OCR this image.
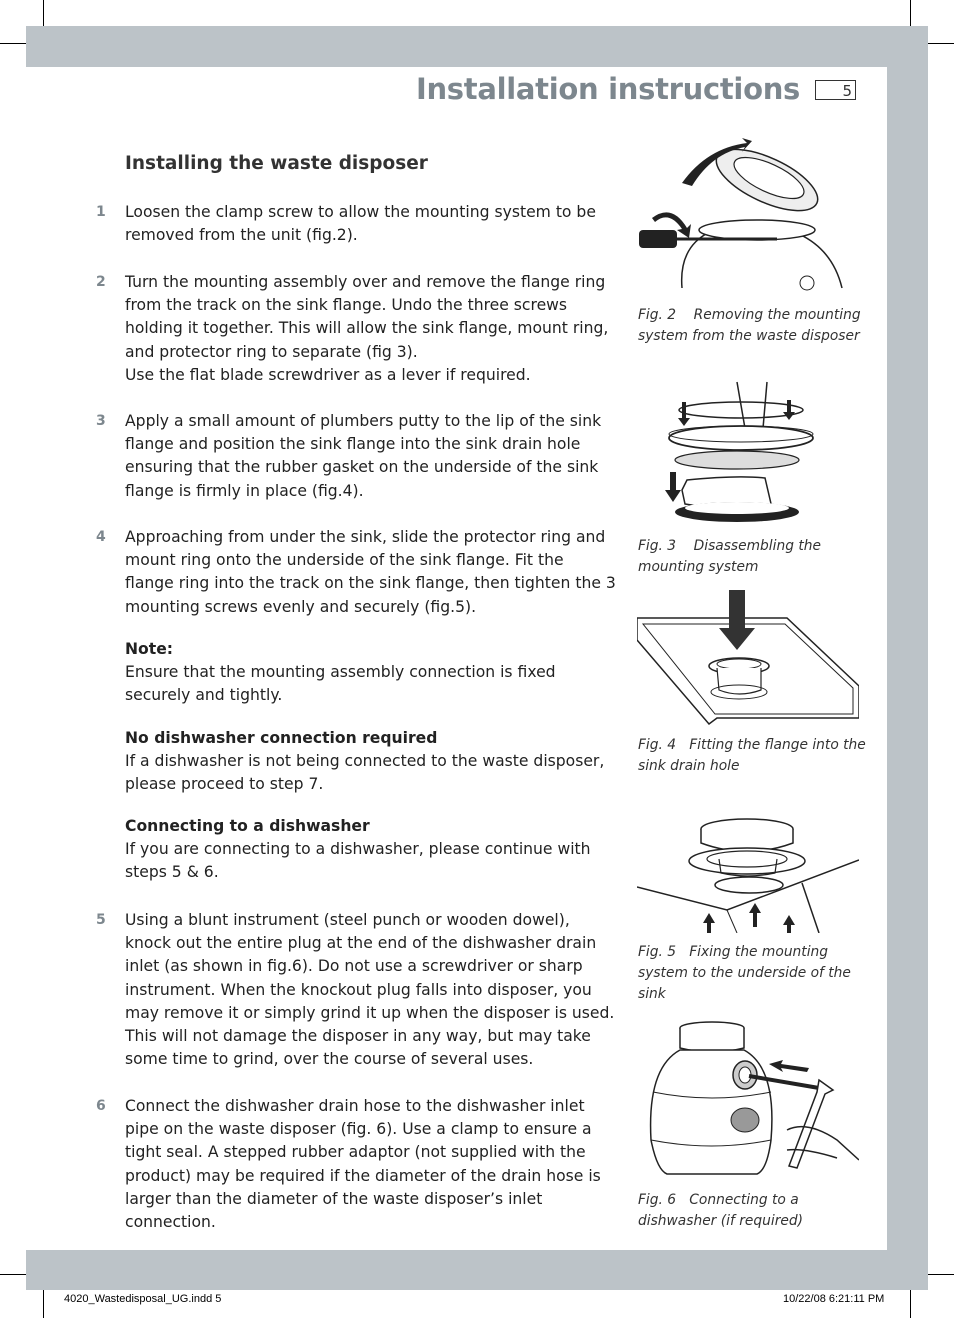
Installation instructions	5
Installing the waste disposer
1 Loosen the clamp screw to allow the mounting system to be removed from the unit (fig.2).
2 Turn the mounting assembly over and remove the flange ring from the track on the sink flange. Undo the three screws holding it together. This will allow the sink flange, mount ring, and protector ring to separate (fig 3).
Use the flat blade screwdriver as a lever if required.
3 Apply a small amount of plumbers putty to the lip of the sink flange and position the sink flange into the sink drain hole ensuring that the rubber gasket on the underside of the sink flange is firmly in place (fig.4).
4 Approaching from under the sink, slide the protector ring and mount ring onto the underside of the sink flange. Fit the flange ring into the track on the sink flange, then tighten the 3 mounting screws evenly and securely (fig.5).
Note:
Ensure that the mounting assembly connection is fixed securely and tightly.
No dishwasher connection required
If a dishwasher is not being connected to the waste disposer, please proceed to step 7.
Connecting to a dishwasher
If you are connecting to a dishwasher, please continue with steps 5 & 6.
5 Using a blunt instrument (steel punch or wooden dowel), knock out the entire plug at the end of the dishwasher drain inlet (as shown in fig.6). Do not use a screwdriver or sharp instrument. When the knockout plug falls into disposer, you may remove it or simply grind it up when the disposer is used. This will not damage the disposer in any way, but may take some time to grind, over the course of several uses.
6 Connect the dishwasher drain hose to the dishwasher inlet pipe on the waste disposer (fig. 6). Use a clamp to ensure a tight seal. A stepped rubber adaptor (not supplied with the product) may be required if the diameter of the drain hose is larger than the diameter of the waste disposer’s inlet connection.
Fig. 2 Removing the mounting system from the waste disposer
Fig. 3 Disassembling the mounting system
Fig. 4 Fitting the flange into the sink drain hole
Fig. 5 Fixing the mounting system to the underside of the sink
Fig. 6 Connecting to a dishwasher (if required)
4020_Wastedisposal_UG.indd 5	10/22/08 6:21:11 PM
